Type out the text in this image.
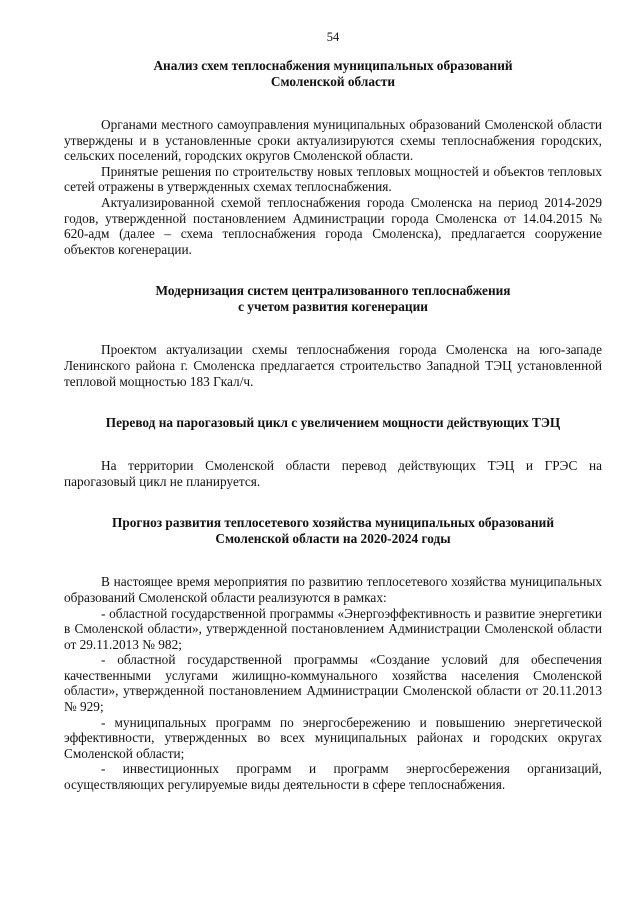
54
Анализ схем теплоснабжения муниципальных образований
Смоленской области

Органами местного самоуправления муниципальных образований Смоленской области утверждены и в установленные сроки актуализируются схемы теплоснабжения городских, сельских поселений, городских округов Смоленской области.

Принятые решения по строительству новых тепловых мощностей и объектов тепловых сетей отражены в утвержденных схемах теплоснабжения.

Актуализированной схемой теплоснабжения города Смоленска на период 2014-2029 годов, утвержденной постановлением Администрации города Смоленска от 14.04.2015 № 620-адм (далее – схема теплоснабжения города Смоленска), предлагается сооружение объектов когенерации.

Модернизация систем централизованного теплоснабжения
с учетом развития когенерации

Проектом актуализации схемы теплоснабжения города Смоленска на юго-западе Ленинского района г. Смоленска предлагается строительство Западной ТЭЦ установленной тепловой мощностью 183 Гкал/ч.

Перевод на парогазовый цикл с увеличением мощности действующих ТЭЦ

На территории Смоленской области перевод действующих ТЭЦ и ГРЭС на парогазовый цикл не планируется.

Прогноз развития теплосетевого хозяйства муниципальных образований
Смоленской области на 2020-2024 годы

В настоящее время мероприятия по развитию теплосетевого хозяйства муниципальных образований Смоленской области реализуются в рамках:

- областной государственной программы «Энергоэффективность и развитие энергетики в Смоленской области», утвержденной постановлением Администрации Смоленской области от 29.11.2013 № 982;

- областной государственной программы «Создание условий для обеспечения качественными услугами жилищно-коммунального хозяйства населения Смоленской области», утвержденной постановлением Администрации Смоленской области от 20.11.2013 № 929;

- муниципальных программ по энергосбережению и повышению энергетической эффективности, утвержденных во всех муниципальных районах и городских округах Смоленской области;

- инвестиционных программ и программ энергосбережения организаций, осуществляющих регулируемые виды деятельности в сфере теплоснабжения.
